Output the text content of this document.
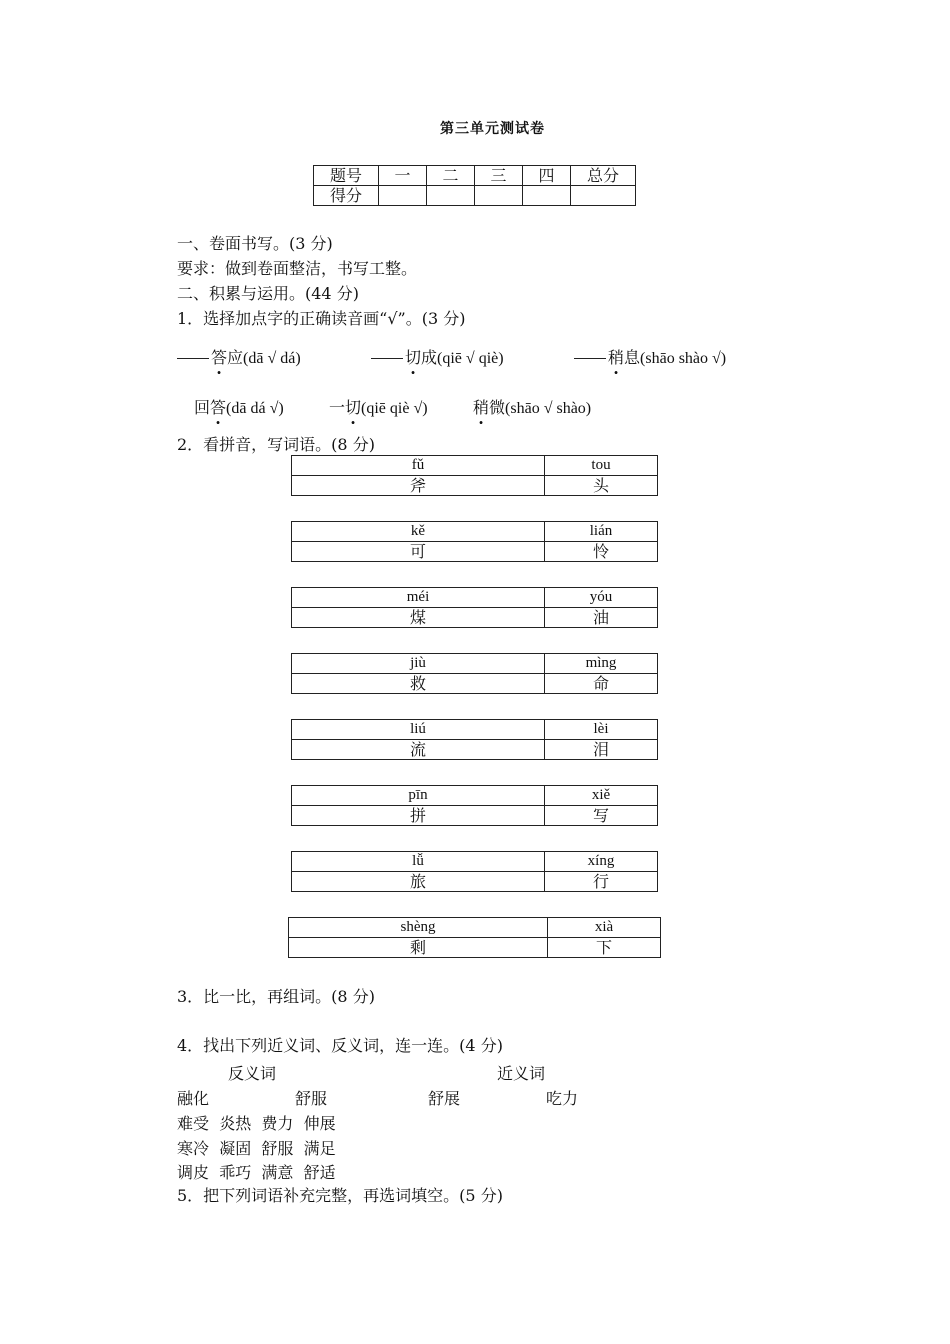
第三单元测试卷
题号	一	二	三	四	总分
得分					
一、卷面书写。(3 分)
要求：做到卷面整洁，书写工整。
二、积累与运用。(44 分)
1．选择加点字的正确读音画“√”。(3 分)
答应(dā √ dá)	切成(qiē √ qiè)	稍息(shāo shào √)
回答(dā dá √)	一切(qiē qiè √)	稍微(shāo √ shào)
2．看拼音，写词语。(8 分)
fǔ	tou
斧	头
kě	lián
可	怜
méi	yóu
煤	油
jiù	mìng
救	命
liú	lèi
流	泪
pīn	xiě
拼	写
lǚ	xíng
旅	行
shèng	xià
剩	下
3．比一比，再组词。(8 分)
4．找出下列近义词、反义词，连一连。(4 分)
反义词	近义词
融化	舒服	舒展	吃力
难受 炎热 费力 伸展
寒冷 凝固 舒服 满足
调皮 乖巧 满意 舒适
5．把下列词语补充完整，再选词填空。(5 分)
